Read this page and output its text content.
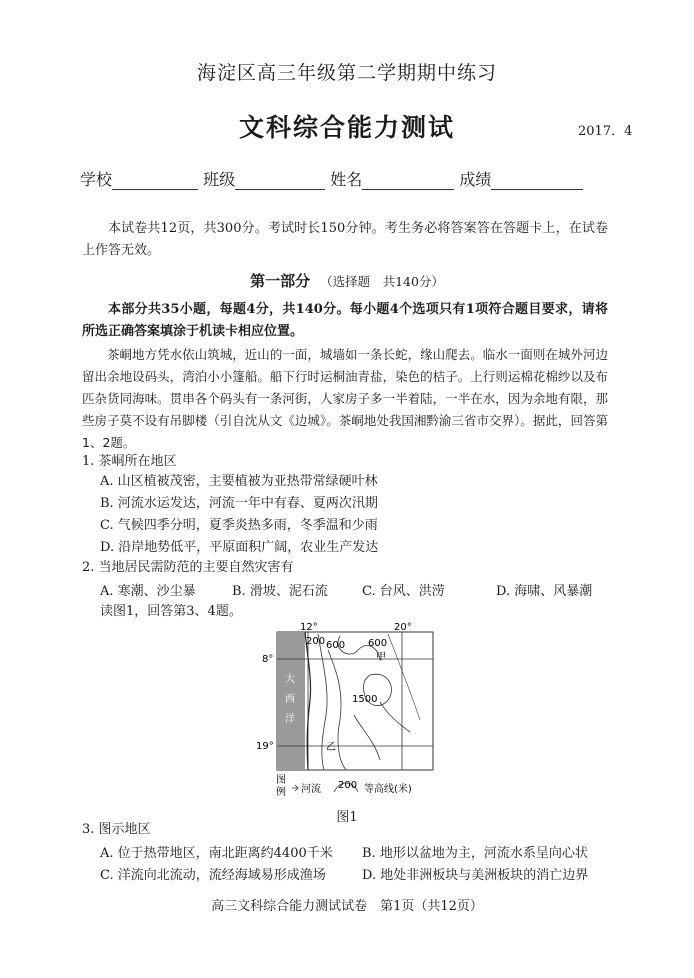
海淀区高三年级第二学期期中练习
文科综合能力测试	2017．4
学校	班级	姓名	成绩
本试卷共12页，共300分。考试时长150分钟。考生务必将答案答在答题卡上，在试卷上作答无效。
第一部分 （选择题　共140分）
本部分共35小题，每题4分，共140分。每小题4个选项只有1项符合题目要求，请将所选正确答案填涂于机读卡相应位置。
茶峒地方凭水依山筑城，近山的一面，城墙如一条长蛇，缘山爬去。临水一面则在城外河边留出余地设码头，湾泊小小篷船。船下行时运桐油青盐，染色的桔子。上行则运棉花棉纱以及布匹杂货同海味。贯串各个码头有一条河街，人家房子多一半着陆，一半在水，因为余地有限，那些房子莫不设有吊脚楼（引自沈从文《边城》。茶峒地处我国湘黔渝三省市交界）。据此，回答第1、2题。
1. 茶峒所在地区
A. 山区植被茂密，主要植被为亚热带常绿硬叶林
B. 河流水运发达，河流一年中有春、夏两次汛期
C. 气候四季分明，夏季炎热多雨，冬季温和少雨
D. 沿岸地势低平，平原面积广阔，农业生产发达
2. 当地居民需防范的主要自然灾害有
A. 寒潮、沙尘暴	B. 滑坡、泥石流	C. 台风、洪涝	D. 海啸、风暴潮
读图1，回答第3、4题。
12°	20°
8°
19°
大
西
洋
200 600 600
1500
甲
乙
图
例 河流 200 等高线(米)
图1
3. 图示地区
A. 位于热带地区，南北距离约4400千米 B. 地形以盆地为主，河流水系呈向心状
C. 洋流向北流动，流经海域易形成渔场	D. 地处非洲板块与美洲板块的消亡边界
高三文科综合能力测试试卷　第1页（共12页）
